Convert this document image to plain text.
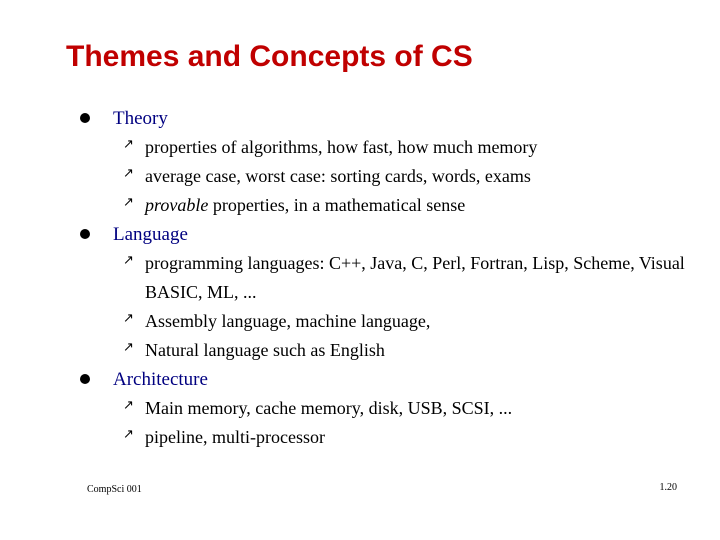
Themes and Concepts of CS
Theory
↗ properties of algorithms, how fast, how much memory
↗ average case, worst case: sorting cards, words, exams
↗ provable properties, in a mathematical sense
Language
↗ programming languages: C++, Java, C, Perl, Fortran, Lisp, Scheme, Visual BASIC, ML, ...
↗ Assembly language, machine language,
↗ Natural language such as English
Architecture
↗ Main memory, cache memory, disk, USB, SCSI, ...
↗ pipeline, multi-processor
CompSci 001	1.20
